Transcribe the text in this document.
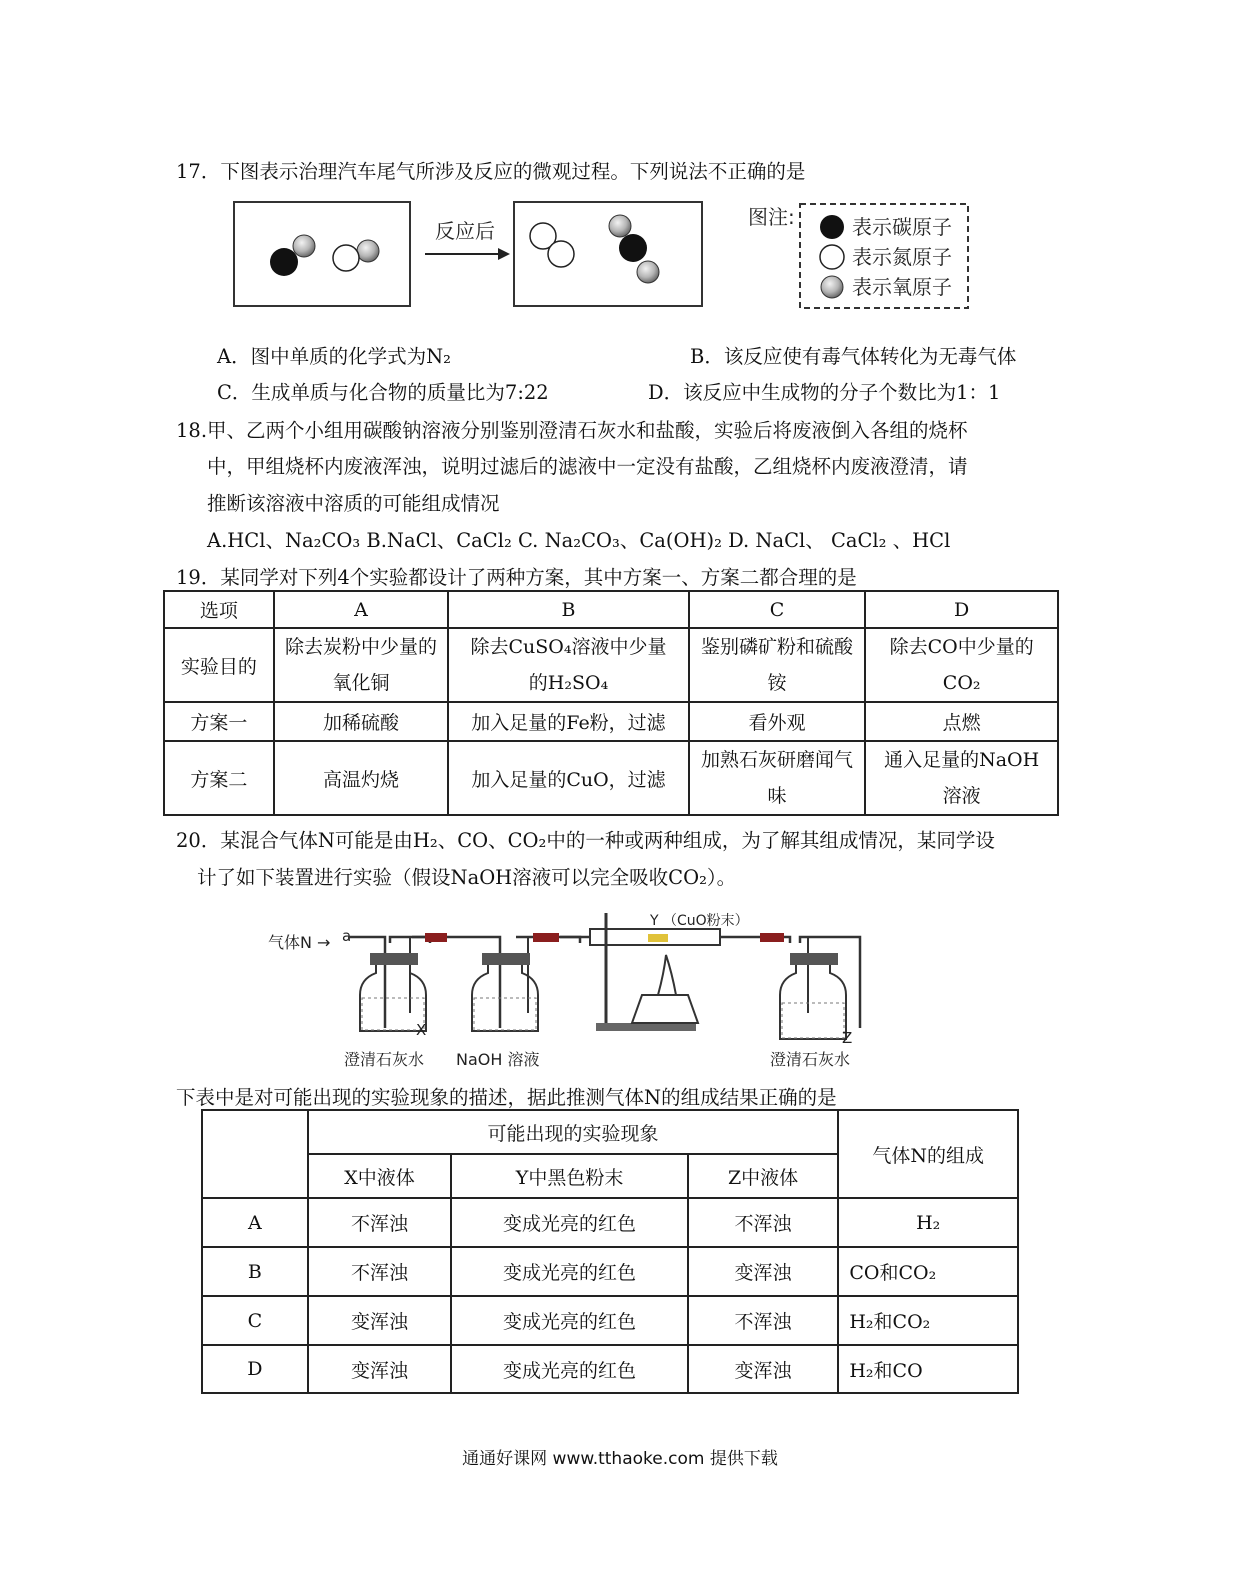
17．下图表示治理汽车尾气所涉及反应的微观过程。下列说法不正确的是
反应后
图注:	表示碳原子
表示氮原子
表示氧原子
A．图中单质的化学式为N₂	B．该反应使有毒气体转化为无毒气体
C．生成单质与化合物的质量比为7:22	D．该反应中生成物的分子个数比为1：1
18.甲、乙两个小组用碳酸钠溶液分别鉴别澄清石灰水和盐酸，实验后将废液倒入各组的烧杯
中，甲组烧杯内废液浑浊，说明过滤后的滤液中一定没有盐酸，乙组烧杯内废液澄清，请
推断该溶液中溶质的可能组成情况
A.HCl、Na₂CO₃ B.NaCl、CaCl₂ C. Na₂CO₃、Ca(OH)₂ D. NaCl、 CaCl₂ 、HCl
19．某同学对下列4个实验都设计了两种方案，其中方案一、方案二都合理的是
选项	A	B	C	D
实验目的	除去炭粉中少量的氧化铜	除去CuSO₄溶液中少量的H₂SO₄	鉴别磷矿粉和硫酸铵	除去CO中少量的CO₂
方案一	加稀硫酸	加入足量的Fe粉，过滤	看外观	点燃
方案二	高温灼烧	加入足量的CuO，过滤	加熟石灰研磨闻气味	通入足量的NaOH溶液
20．某混合气体N可能是由H₂、CO、CO₂中的一种或两种组成，为了解其组成情况，某同学设
计了如下装置进行实验（假设NaOH溶液可以完全吸收CO₂）。
气体N → a
X
Y （CuO粉末）
Z
澄清石灰水 NaOH 溶液	澄清石灰水
下表中是对可能出现的实验现象的描述，据此推测气体N的组成结果正确的是
	可能出现的实验现象			气体N的组成
	X中液体	Y中黑色粉末	Z中液体	
A	不浑浊	变成光亮的红色	不浑浊	H₂
B	不浑浊	变成光亮的红色	变浑浊	CO和CO₂
C	变浑浊	变成光亮的红色	不浑浊	H₂和CO₂
D	变浑浊	变成光亮的红色	变浑浊	H₂和CO
通通好课网 www.tthaoke.com 提供下载
